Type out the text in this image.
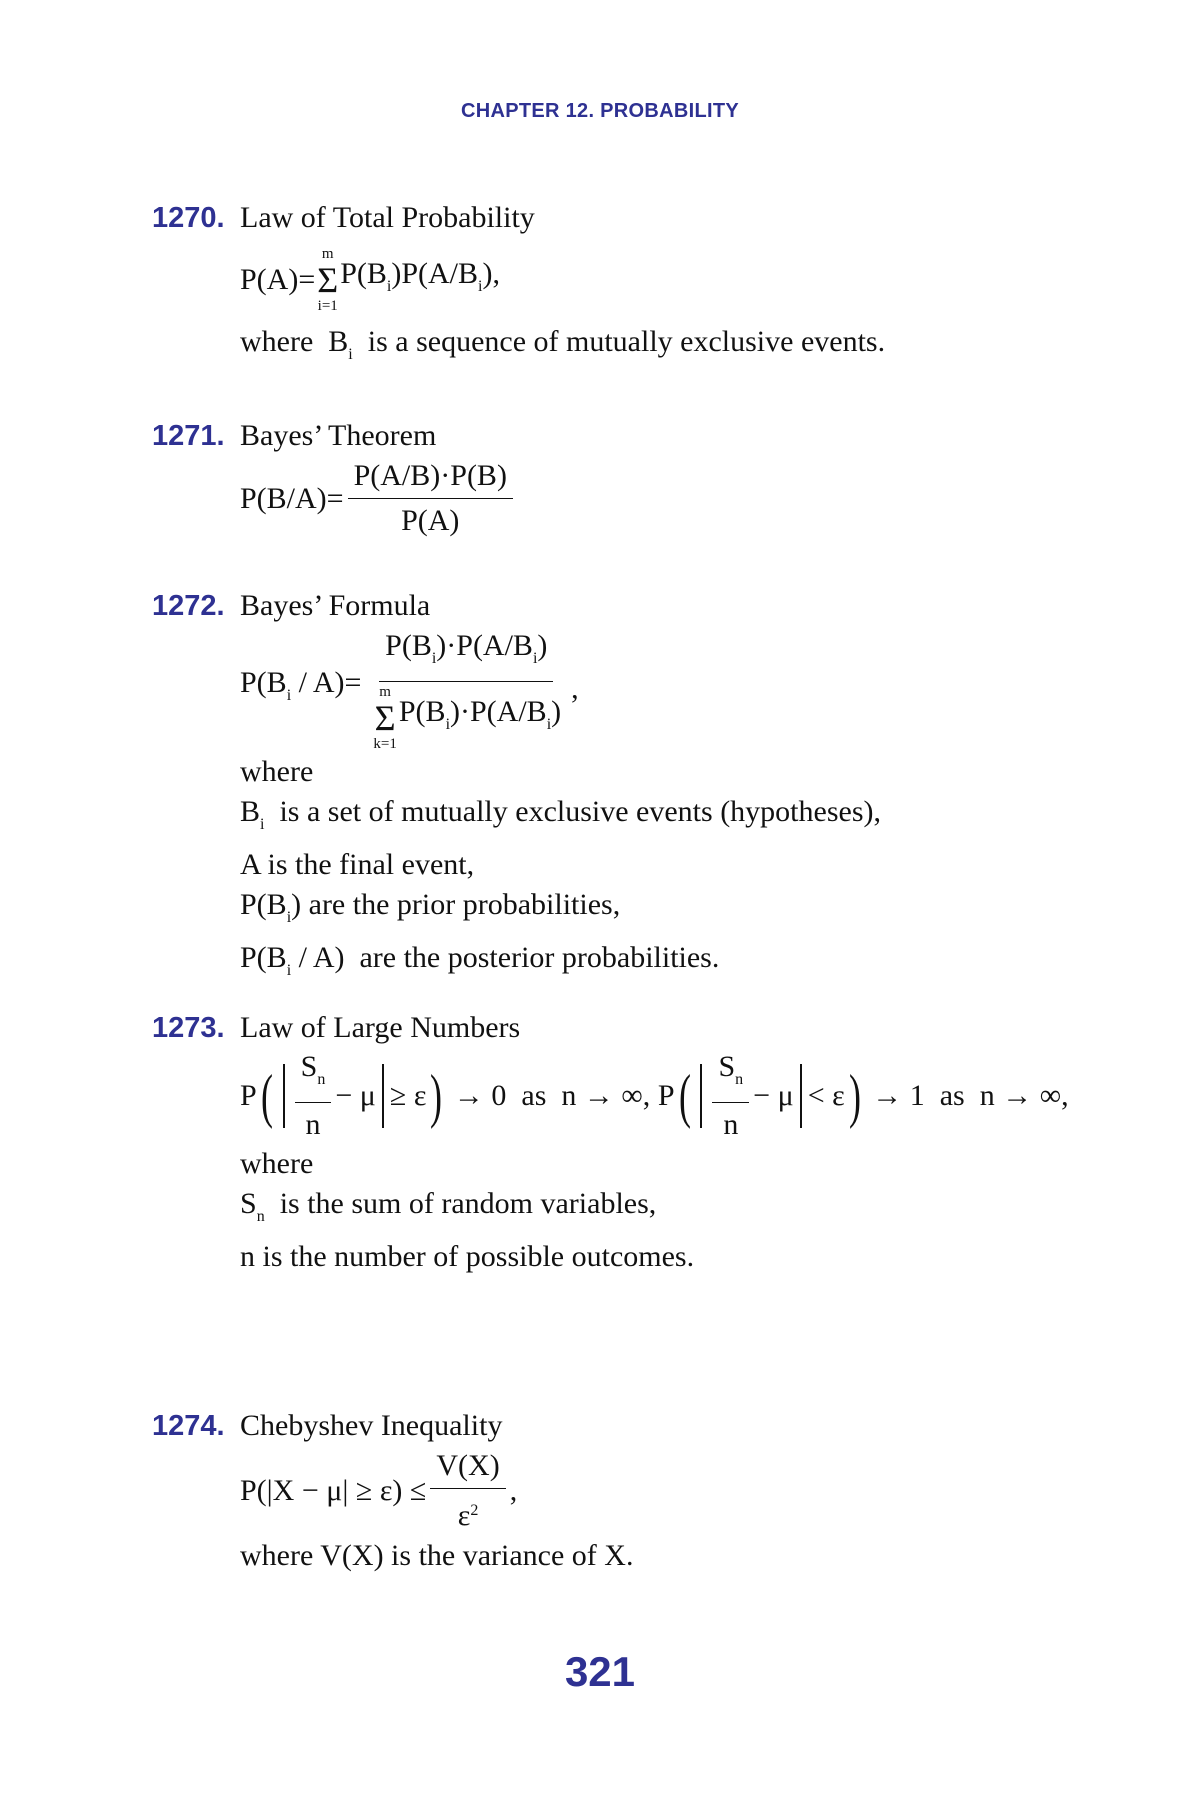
CHAPTER 12. PROBABILITY
1270. Law of Total Probability
P(A)=
m
Σ
i=1
$P(B_i)P(A/B_i)$,
where  $B_i$  is a sequence of mutually exclusive events.
1271. Bayes’ Theorem
$P(B/A)= \frac{P(A/B)\cdot P(B)}{P(A)}$
1272. Bayes’ Formula
$P(B_i / A)= P(B_i)\cdot P(A/B_i)$
m
Σ
k=1
$P(B_i)\cdot P(A/B_i)$ ,
where
$B_i$  is a set of mutually exclusive events (hypotheses),
A is the final event,
$P(B_i)$ are the prior probabilities,
$P(B_i / A)$  are the posterior probabilities.
1273. Law of Large Numbers
P ( $\frac{S_n}{n} - \mu \ge \varepsilon$ ) → 0  as  n → ∞,
P ( $\frac{S_n}{n} - \mu < \varepsilon$ ) → 1  as  n → ∞,
where
$S_n$  is the sum of random variables,
n is the number of possible outcomes.
1274. Chebyshev Inequality
$P(|X - \mu| \ge \varepsilon) \le \frac{V(X)}{\varepsilon^2}$ ,
where V(X) is the variance of X.
321
